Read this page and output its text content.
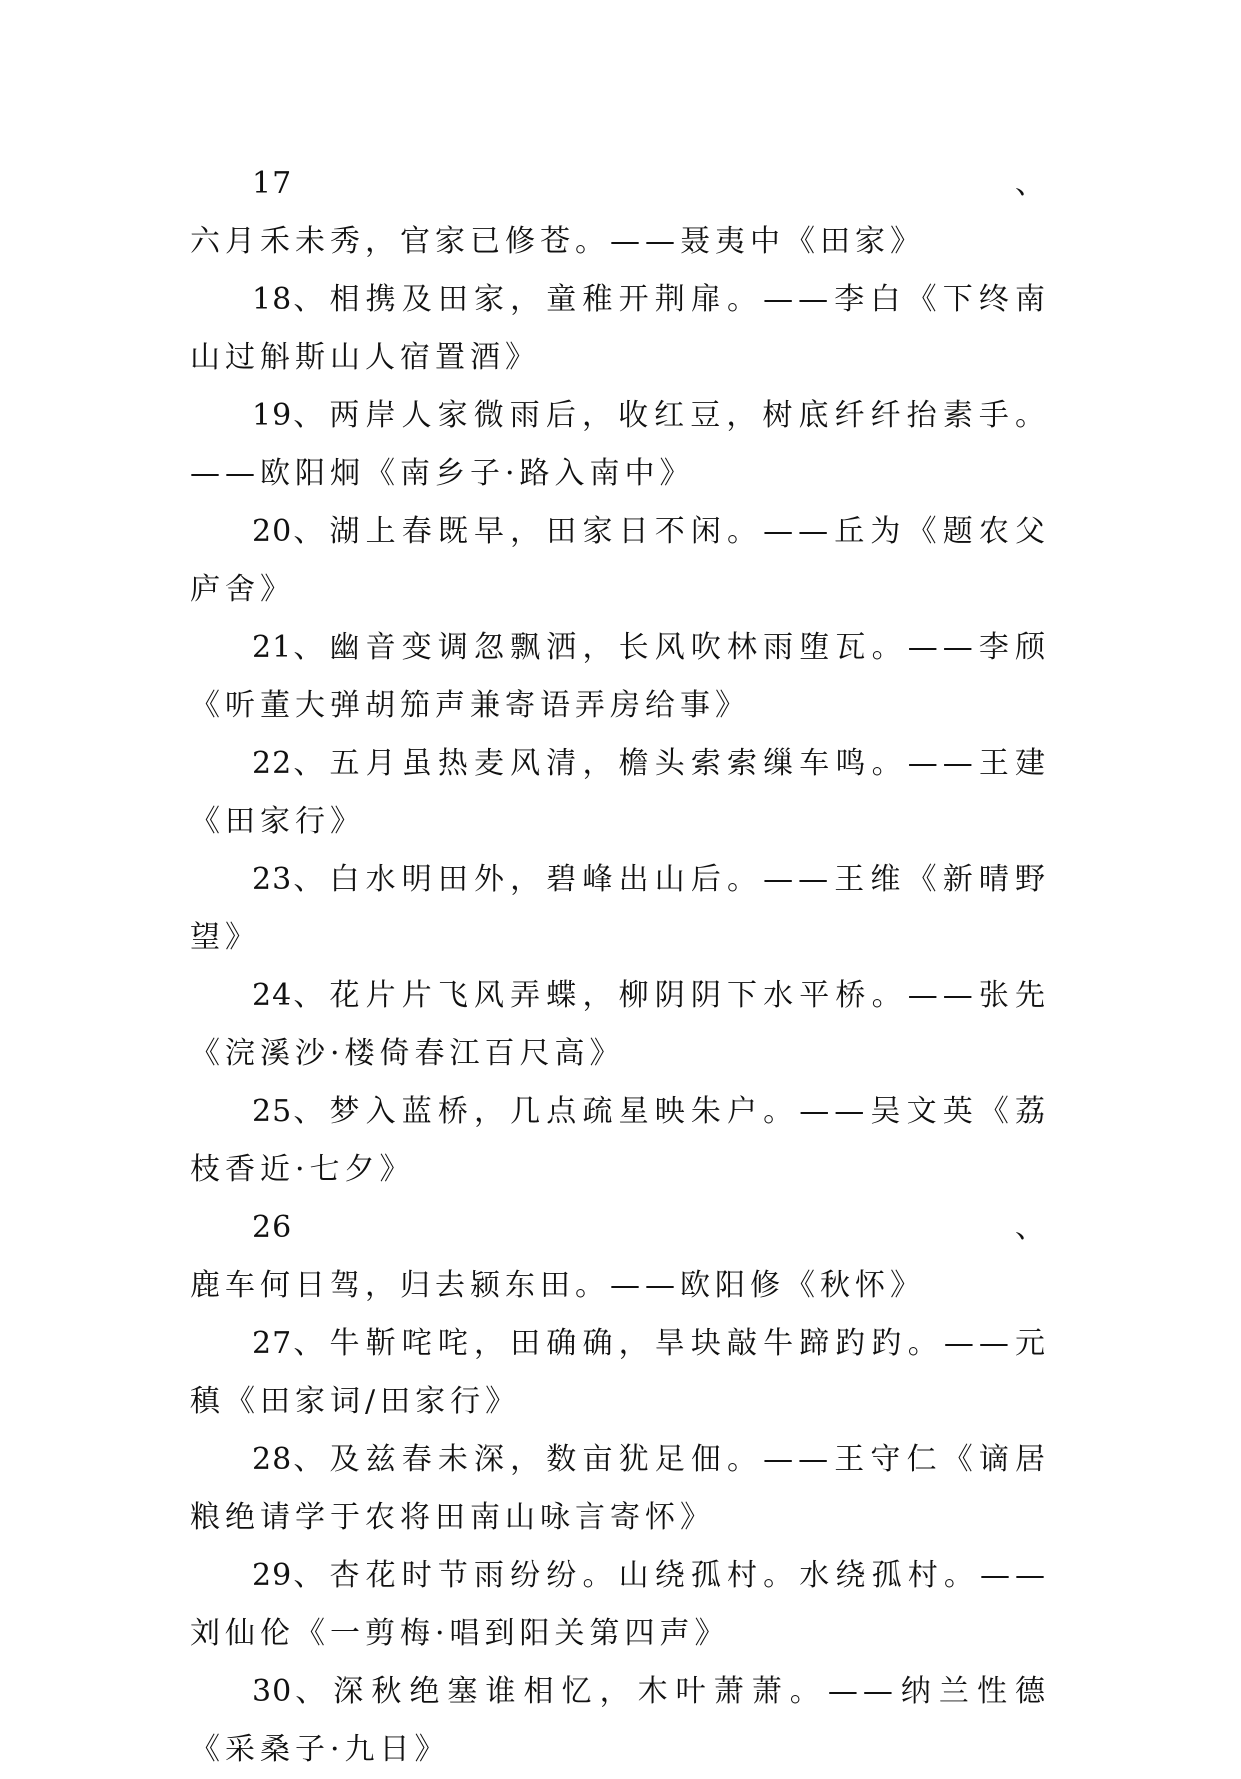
17、六月禾未秀，官家已修苍。——聂夷中《田家》

18、相携及田家，童稚开荆扉。——李白《下终南山过斛斯山人宿置酒》

19、两岸人家微雨后，收红豆，树底纤纤抬素手。——欧阳炯《南乡子·路入南中》

20、湖上春既早，田家日不闲。——丘为《题农父庐舍》

21、幽音变调忽飘洒，长风吹林雨堕瓦。——李颀《听董大弹胡笳声兼寄语弄房给事》

22、五月虽热麦风清，檐头索索缫车鸣。——王建《田家行》

23、白水明田外，碧峰出山后。——王维《新晴野望》

24、花片片飞风弄蝶，柳阴阴下水平桥。——张先《浣溪沙·楼倚春江百尺高》

25、梦入蓝桥，几点疏星映朱户。——吴文英《荔枝香近·七夕》

26、鹿车何日驾，归去颍东田。——欧阳修《秋怀》

27、牛靳咤咤，田确确，旱块敲牛蹄趵趵。——元稹《田家词/田家行》

28、及兹春未深，数亩犹足佃。——王守仁《谪居粮绝请学于农将田南山咏言寄怀》

29、杏花时节雨纷纷。山绕孤村。水绕孤村。——刘仙伦《一剪梅·唱到阳关第四声》

30、深秋绝塞谁相忆，木叶萧萧。——纳兰性德《采桑子·九日》
